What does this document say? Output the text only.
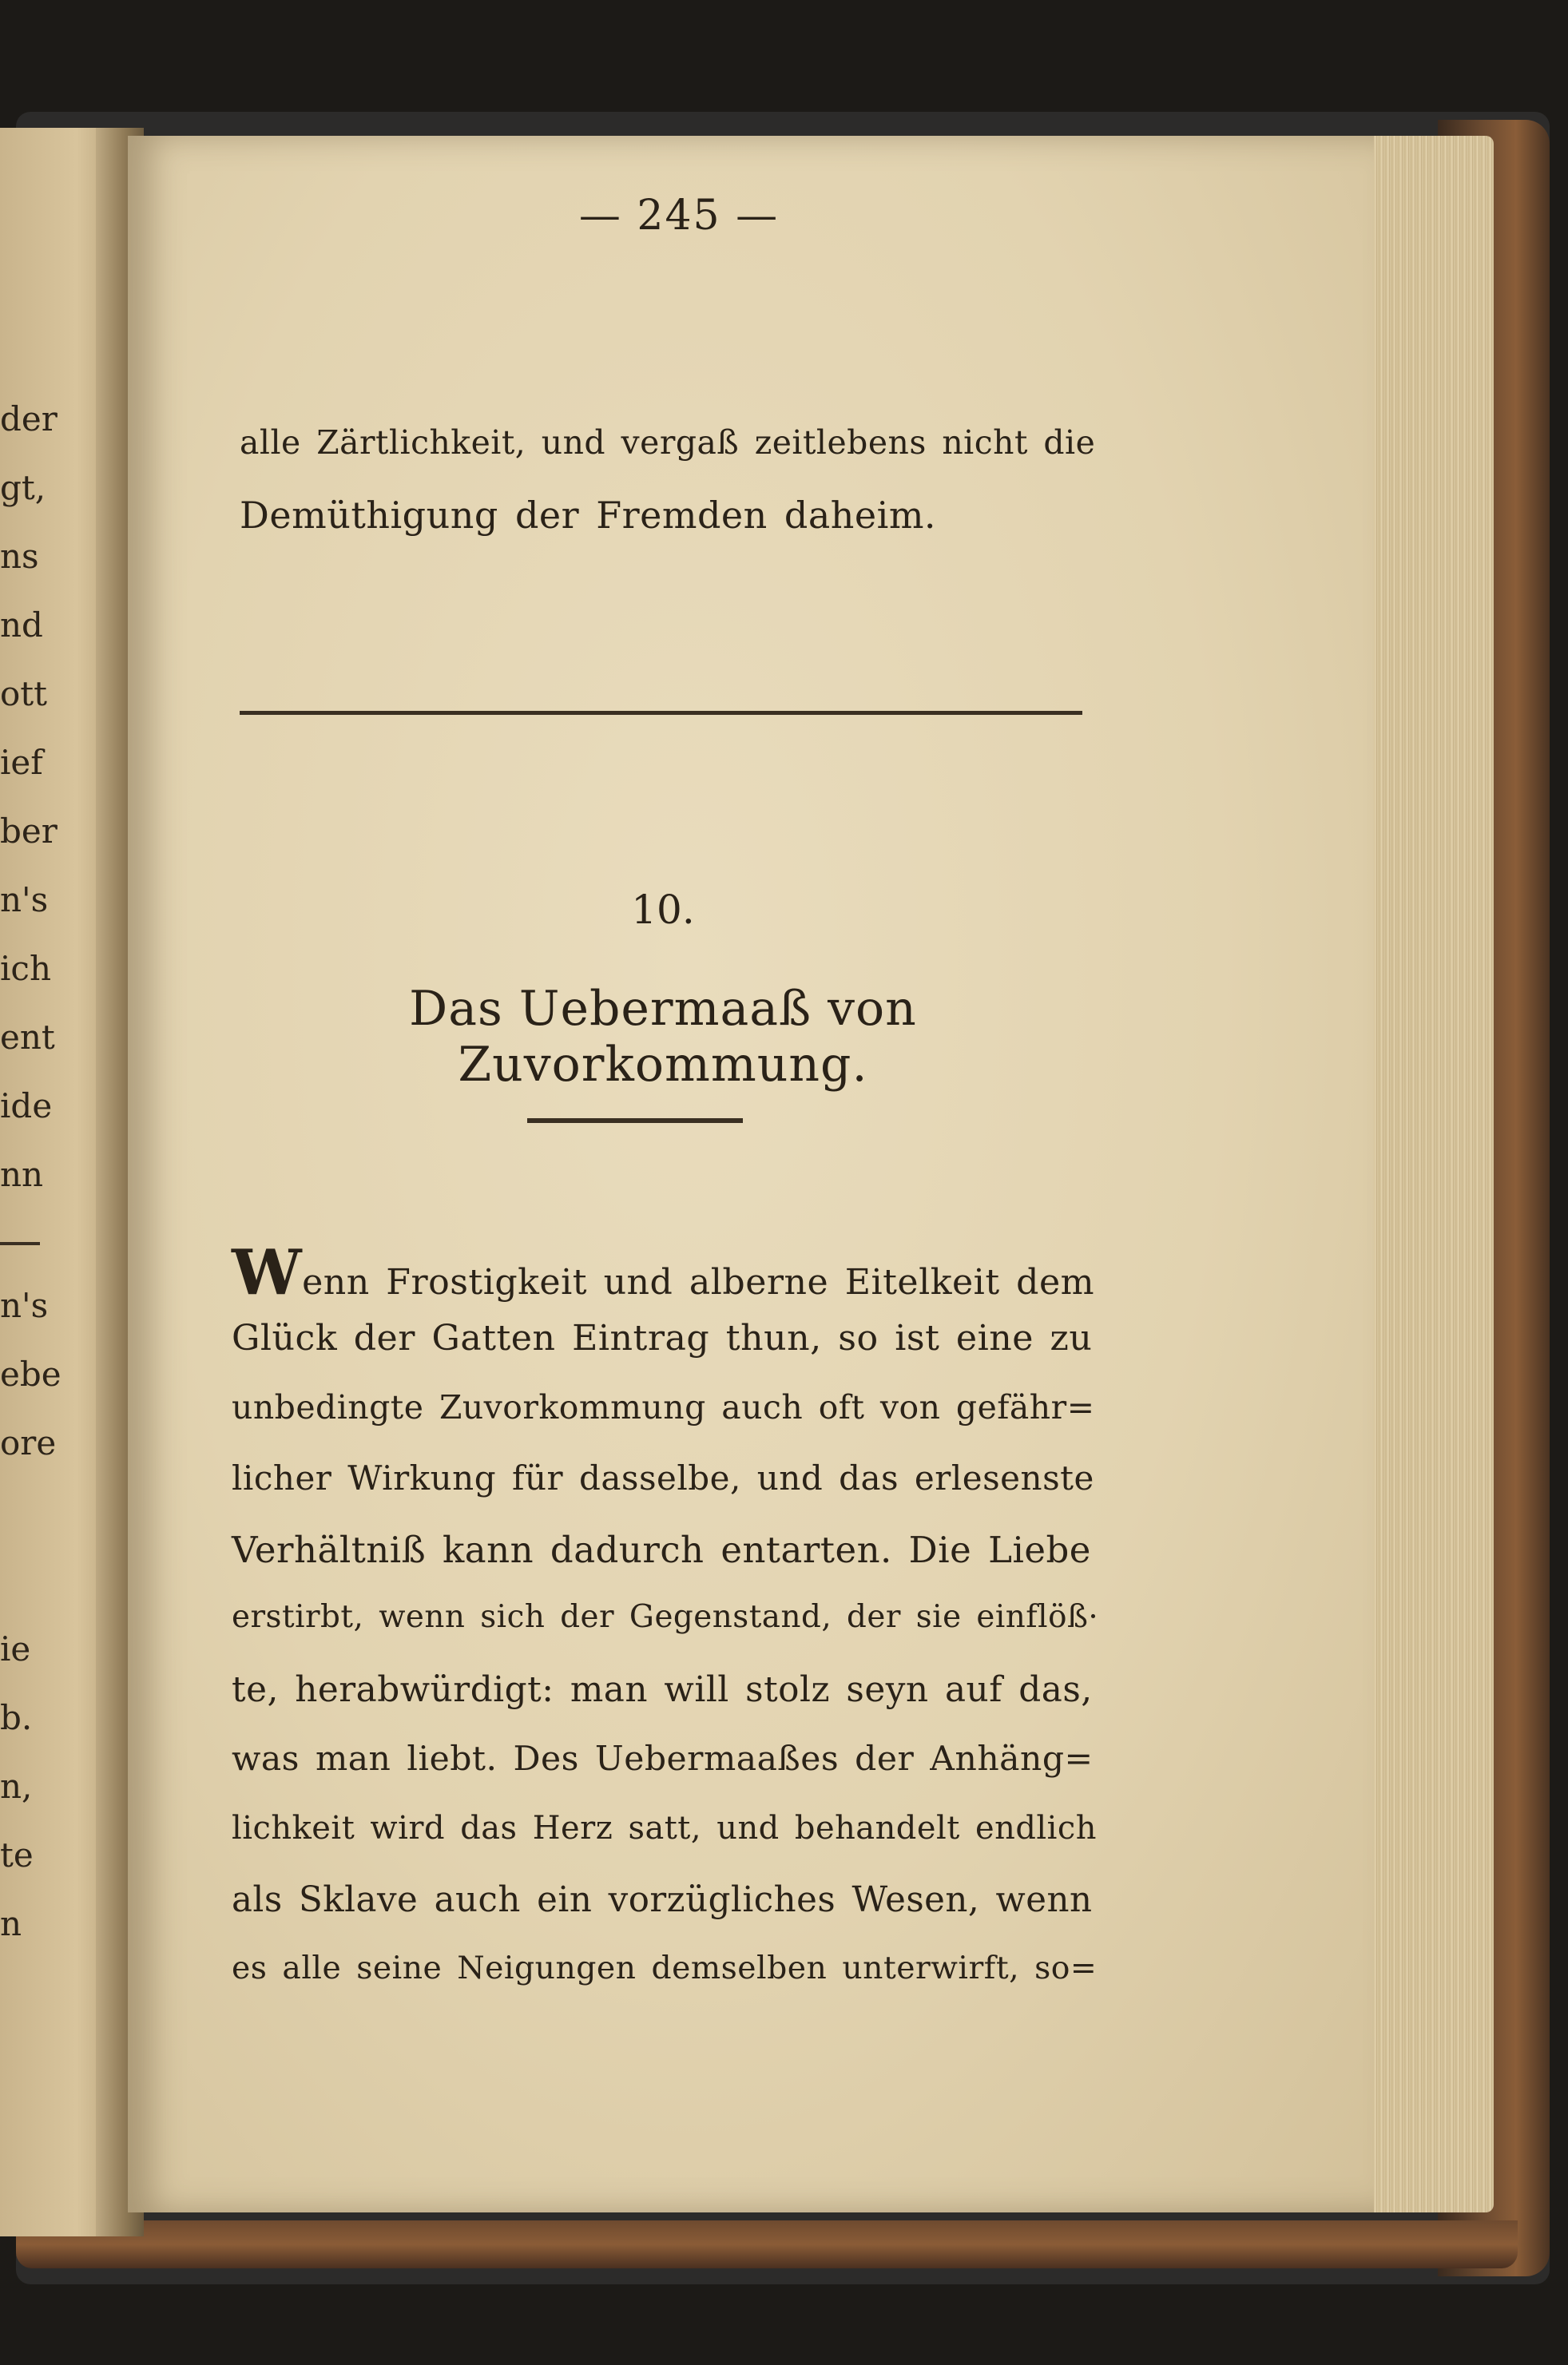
der
gt,
ns
nd
ott
ief
ber
n's
ich
ent
ide
nn
n's
ebe
ore
ie
b.
n,
te
n
— 245 —
alle Zärtlichkeit, und vergaß zeitlebens nicht die
Demüthigung der Fremden daheim.
10.
Das Uebermaaß von Zuvorkommung.
Wenn Frostigkeit und alberne Eitelkeit dem
Glück der Gatten Eintrag thun, so ist eine zu
unbedingte Zuvorkommung auch oft von gefähr=
licher Wirkung für dasselbe, und das erlesenste
Verhältniß kann dadurch entarten. Die Liebe
erstirbt, wenn sich der Gegenstand, der sie einflöß·
te, herabwürdigt: man will stolz seyn auf das,
was man liebt. Des Uebermaaßes der Anhäng=
lichkeit wird das Herz satt, und behandelt endlich
als Sklave auch ein vorzügliches Wesen, wenn
es alle seine Neigungen demselben unterwirft, so=
